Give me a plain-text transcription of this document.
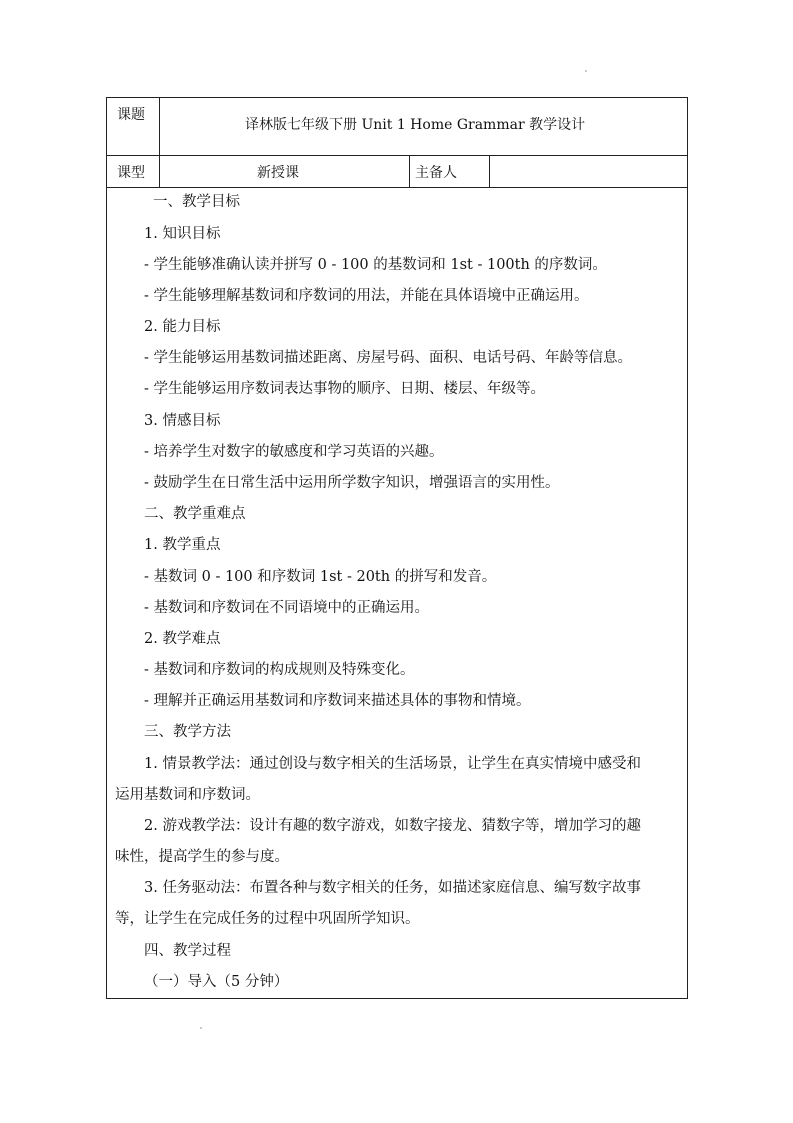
课题
译林版七年级下册 Unit 1 Home Grammar 教学设计
课型	新授课	主备人
一、教学目标
1. 知识目标
- 学生能够准确认读并拼写 0 - 100 的基数词和 1st - 100th 的序数词。
- 学生能够理解基数词和序数词的用法，并能在具体语境中正确运用。
2. 能力目标
- 学生能够运用基数词描述距离、房屋号码、面积、电话号码、年龄等信息。
- 学生能够运用序数词表达事物的顺序、日期、楼层、年级等。
3. 情感目标
- 培养学生对数字的敏感度和学习英语的兴趣。
- 鼓励学生在日常生活中运用所学数字知识，增强语言的实用性。
二、教学重难点
1. 教学重点
- 基数词 0 - 100 和序数词 1st - 20th 的拼写和发音。
- 基数词和序数词在不同语境中的正确运用。
2. 教学难点
- 基数词和序数词的构成规则及特殊变化。
- 理解并正确运用基数词和序数词来描述具体的事物和情境。
三、教学方法
1. 情景教学法：通过创设与数字相关的生活场景，让学生在真实情境中感受和
运用基数词和序数词。
2. 游戏教学法：设计有趣的数字游戏，如数字接龙、猜数字等，增加学习的趣
味性，提高学生的参与度。
3. 任务驱动法：布置各种与数字相关的任务，如描述家庭信息、编写数字故事
等，让学生在完成任务的过程中巩固所学知识。
四、教学过程
（一）导入（5 分钟）
